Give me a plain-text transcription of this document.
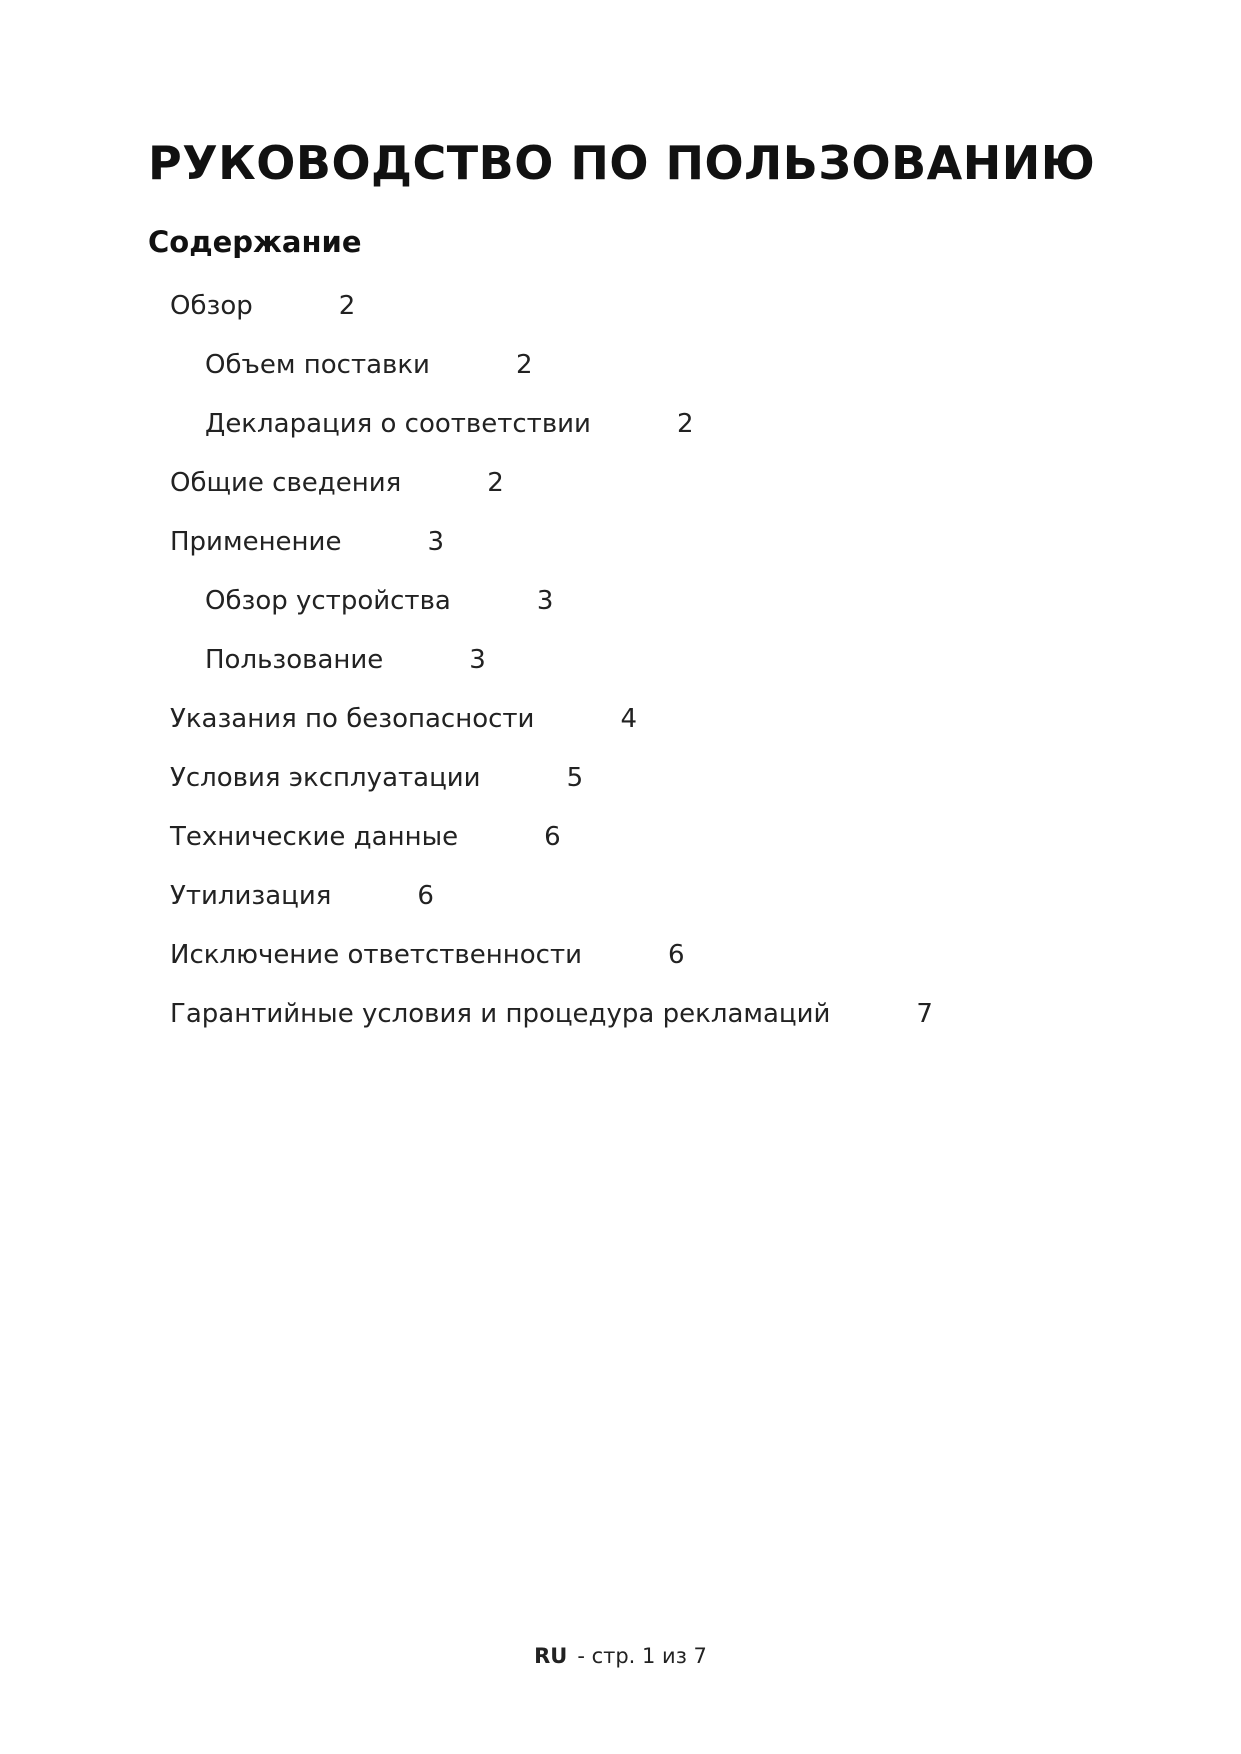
РУКОВОДСТВО ПО ПОЛЬЗОВАНИЮ
Содержание
Обзор	2
Объем поставки	2
Декларация о соответствии	2
Общие сведения	2
Применение	3
Обзор устройства	3
Пользование	3
Указания по безопасности	4
Условия эксплуатации	5
Технические данные	6
Утилизация	6
Исключение ответственности	6
Гарантийные условия и процедура рекламаций	7
RU - стр. 1 из 7
